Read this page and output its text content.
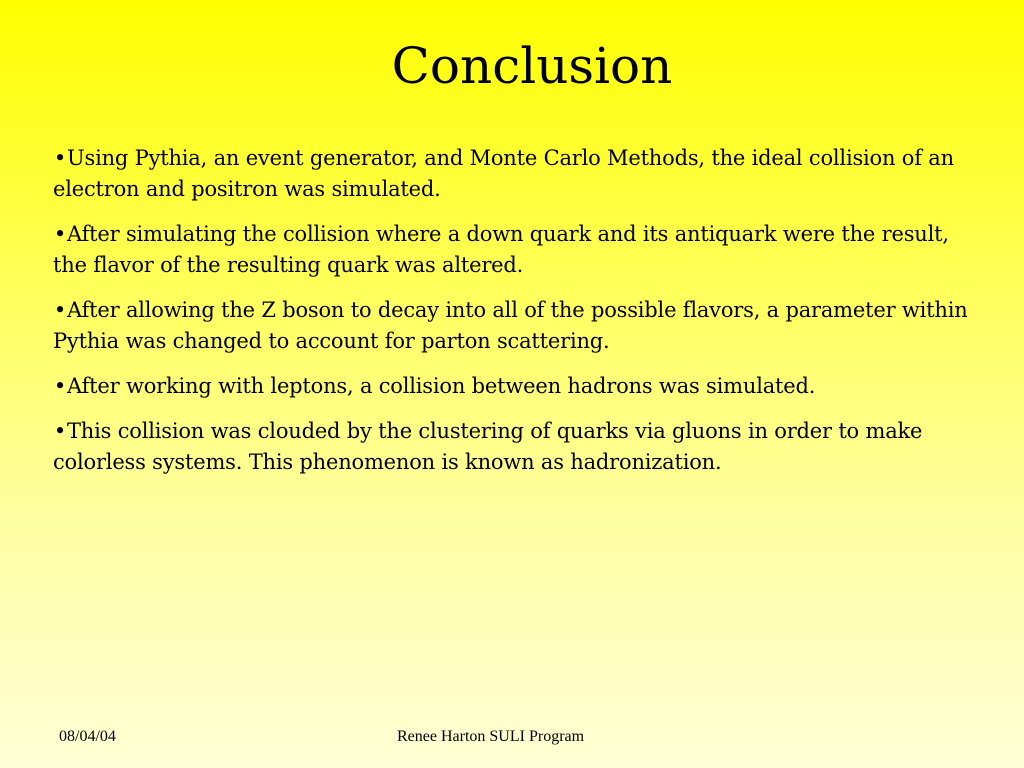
Conclusion
•Using Pythia, an event generator, and Monte Carlo Methods, the ideal collision of an electron and positron was simulated.
•After simulating the collision where a down quark and its antiquark were the result, the flavor of the resulting quark was altered.
•After allowing the Z boson to decay into all of the possible flavors, a parameter within Pythia was changed to account for parton scattering.
•After working with leptons, a collision between hadrons was simulated.
•This collision was clouded by the clustering of quarks via gluons in order to make colorless systems. This phenomenon is known as hadronization.
08/04/04	Renee Harton SULI Program
